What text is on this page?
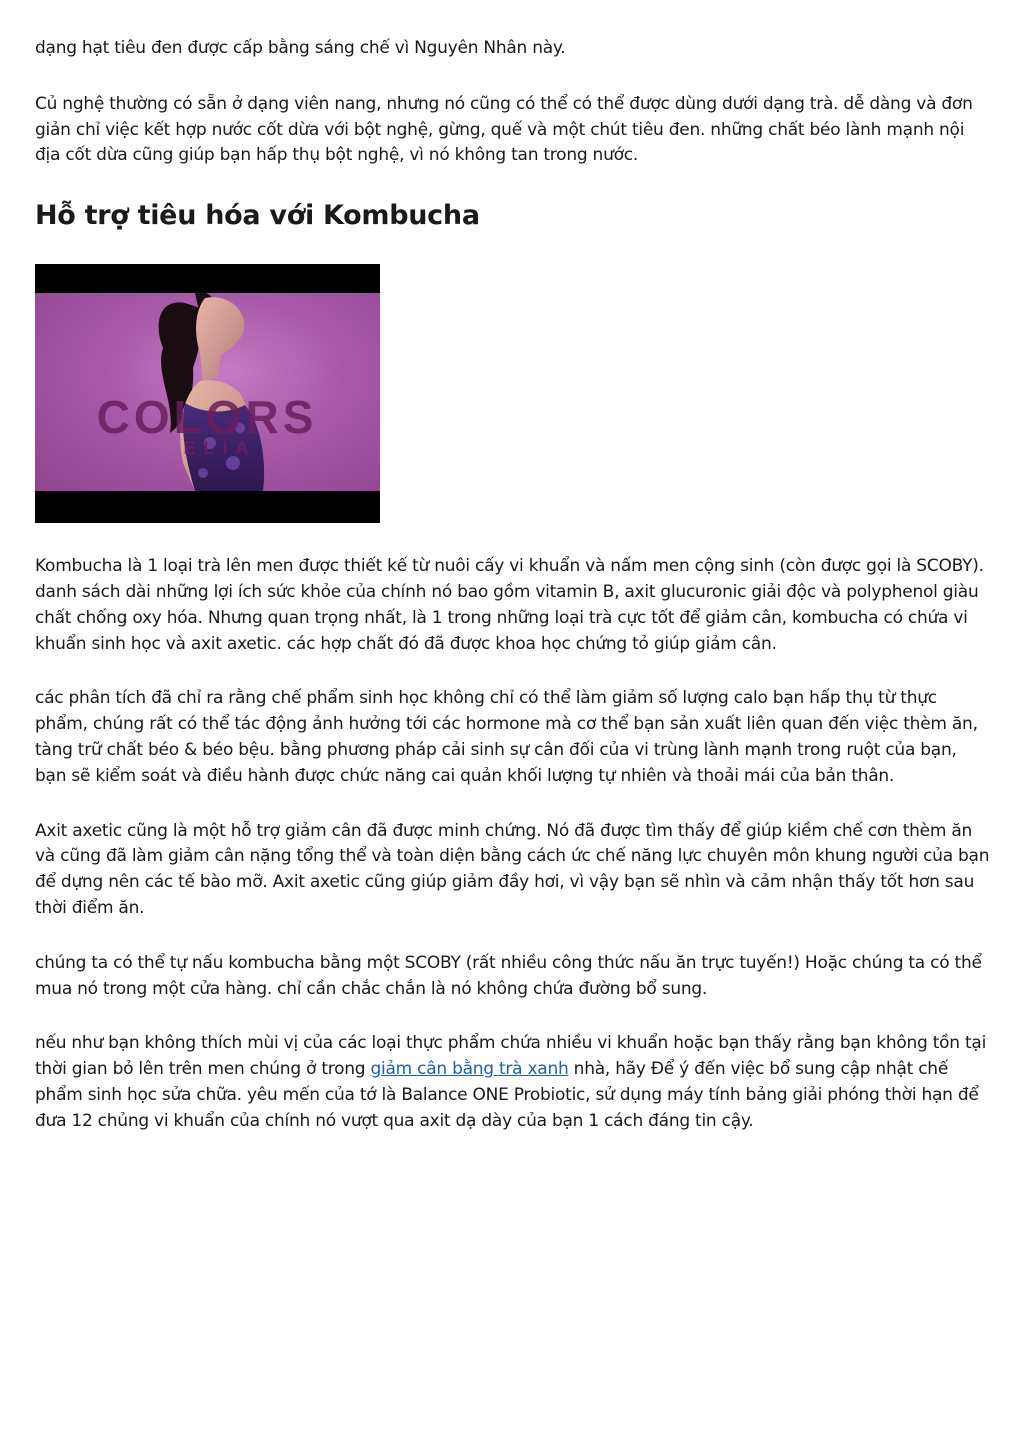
dạng hạt tiêu đen được cấp bằng sáng chế vì Nguyên Nhân này.

Củ nghệ thường có sẵn ở dạng viên nang, nhưng nó cũng có thể có thể được dùng dưới dạng trà. dễ dàng và đơn giản chỉ việc kết hợp nước cốt dừa với bột nghệ, gừng, quế và một chút tiêu đen. những chất béo lành mạnh nội địa cốt dừa cũng giúp bạn hấp thụ bột nghệ, vì nó không tan trong nước.

Hỗ trợ tiêu hóa với Kombucha
COLORS
ELIA

Kombucha là 1 loại trà lên men được thiết kế từ nuôi cấy vi khuẩn và nấm men cộng sinh (còn được gọi là SCOBY). danh sách dài những lợi ích sức khỏe của chính nó bao gồm vitamin B, axit glucuronic giải độc và polyphenol giàu chất chống oxy hóa. Nhưng quan trọng nhất, là 1 trong những loại trà cực tốt để giảm cân, kombucha có chứa vi khuẩn sinh học và axit axetic. các hợp chất đó đã được khoa học chứng tỏ giúp giảm cân.

các phân tích đã chỉ ra rằng chế phẩm sinh học không chỉ có thể làm giảm số lượng calo bạn hấp thụ từ thực phẩm, chúng rất có thể tác động ảnh hưởng tới các hormone mà cơ thể bạn sản xuất liên quan đến việc thèm ăn, tàng trữ chất béo & béo bệu. bằng phương pháp cải sinh sự cân đối của vi trùng lành mạnh trong ruột của bạn, bạn sẽ kiểm soát và điều hành được chức năng cai quản khối lượng tự nhiên và thoải mái của bản thân.

Axit axetic cũng là một hỗ trợ giảm cân đã được minh chứng. Nó đã được tìm thấy để giúp kiềm chế cơn thèm ăn và cũng đã làm giảm cân nặng tổng thể và toàn diện bằng cách ức chế năng lực chuyên môn khung người của bạn để dựng nên các tế bào mỡ. Axit axetic cũng giúp giảm đầy hơi, vì vậy bạn sẽ nhìn và cảm nhận thấy tốt hơn sau thời điểm ăn.

chúng ta có thể tự nấu kombucha bằng một SCOBY (rất nhiều công thức nấu ăn trực tuyến!) Hoặc chúng ta có thể mua nó trong một cửa hàng. chỉ cần chắc chắn là nó không chứa đường bổ sung.

nếu như bạn không thích mùi vị của các loại thực phẩm chứa nhiều vi khuẩn hoặc bạn thấy rằng bạn không tồn tại thời gian bỏ lên trên men chúng ở trong giảm cân bằng trà xanh nhà, hãy Để ý đến việc bổ sung cập nhật chế phẩm sinh học sửa chữa. yêu mến của tớ là Balance ONE Probiotic, sử dụng máy tính bảng giải phóng thời hạn để đưa 12 chủng vi khuẩn của chính nó vượt qua axit dạ dày của bạn 1 cách đáng tin cậy.
